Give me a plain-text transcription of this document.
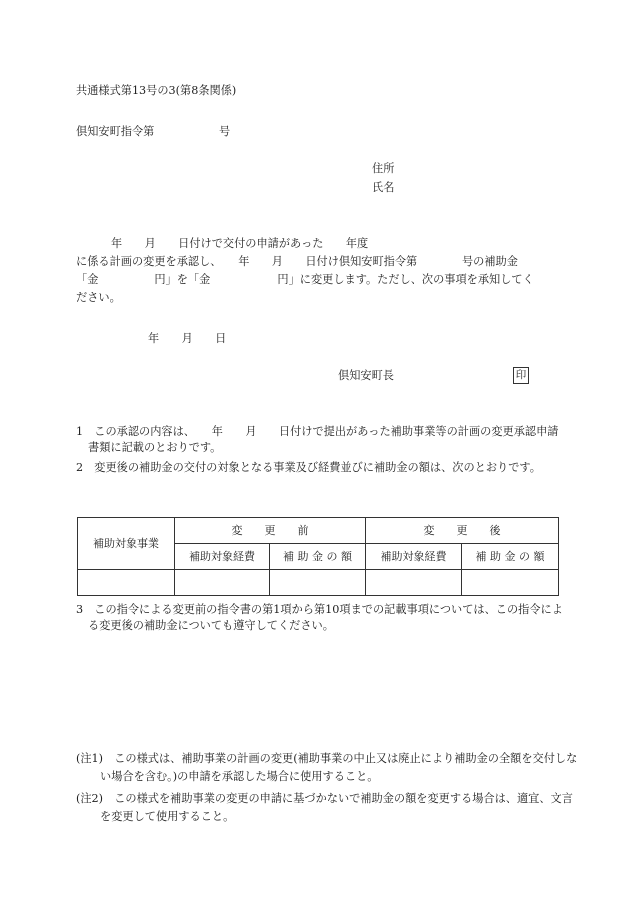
共通様式第13号の3(第8条関係)
倶知安町指令第	号
住所
氏名
年　　月　　日付けで交付の申請があった　　年度
に係る計画の変更を承認し、　　年　　月　　日付け倶知安町指令第　　　　号の補助金
「金　　　　　円」を「金　　　　　　円」に変更します。ただし、次の事項を承知してく
ださい。
年　　月　　日
倶知安町長	印
1　この承認の内容は、　　年　　月　　日付けで提出があった補助事業等の計画の変更承認申請書類に記載のとおりです。
2　変更後の補助金の交付の対象となる事業及び経費並びに補助金の額は、次のとおりです。
補助対象事業	変　　更　　前		変　　更　　後	
	補助対象経費	補 助 金 の 額	補助対象経費	補 助 金 の 額

3　この指令による変更前の指令書の第1項から第10項までの記載事項については、この指令による変更後の補助金についても遵守してください。
(注1)　この様式は、補助事業の計画の変更(補助事業の中止又は廃止により補助金の全額を交付しない場合を含む。)の申請を承認した場合に使用すること。
(注2)　この様式を補助事業の変更の申請に基づかないで補助金の額を変更する場合は、適宜、文言を変更して使用すること。
